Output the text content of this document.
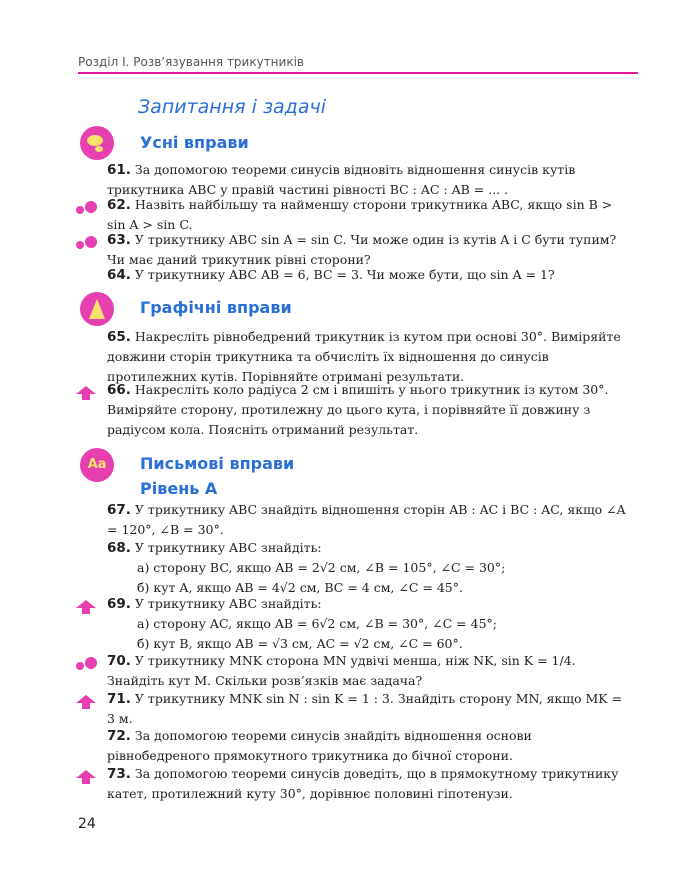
Розділ І. Розв’язування трикутників
Запитання і задачі
Усні вправи
61. За допомогою теореми синусів відновіть відношення синусів кутів трикутника ABC у правій частині рівності BC : AC : AB = ... .
62. Назвіть найбільшу та найменшу сторони трикутника ABC, якщо sin B > sin A > sin C.
63. У трикутнику ABC sin A = sin C. Чи може один із кутів A і C бути тупим? Чи має даний трикутник рівні сторони?
64. У трикутнику ABC AB = 6, BC = 3. Чи може бути, що sin A = 1?
Графічні вправи
65. Накресліть рівнобедрений трикутник із кутом при основі 30°. Виміряйте довжини сторін трикутника та обчисліть їх відношення до синусів протилежних кутів. Порівняйте отримані результати.
66. Накресліть коло радіуса 2 см і впишіть у нього трикутник із кутом 30°. Виміряйте сторону, протилежну до цього кута, і порівняйте її довжину з радіусом кола. Поясніть отриманий результат.
Aa	Письмові вправи
Рівень А
67. У трикутнику ABC знайдіть відношення сторін AB : AC і BC : AC, якщо ∠A = 120°, ∠B = 30°.
68. У трикутнику ABC знайдіть:
а) сторону BC, якщо AB = 2√2 см, ∠B = 105°, ∠C = 30°;
б) кут A, якщо AB = 4√2 см, BC = 4 см, ∠C = 45°.
69. У трикутнику ABC знайдіть:
а) сторону AC, якщо AB = 6√2 см, ∠B = 30°, ∠C = 45°;
б) кут B, якщо AB = √3 см, AC = √2 см, ∠C = 60°.
70. У трикутнику MNK сторона MN удвічі менша, ніж NK, sin K = 1/4. Знайдіть кут M. Скільки розв’язків має задача?
71. У трикутнику MNK sin N : sin K = 1 : 3. Знайдіть сторону MN, якщо MK = 3 м.
72. За допомогою теореми синусів знайдіть відношення основи рівнобедреного прямокутного трикутника до бічної сторони.
73. За допомогою теореми синусів доведіть, що в прямокутному трикутнику катет, протилежний куту 30°, дорівнює половині гіпотенузи.
24
